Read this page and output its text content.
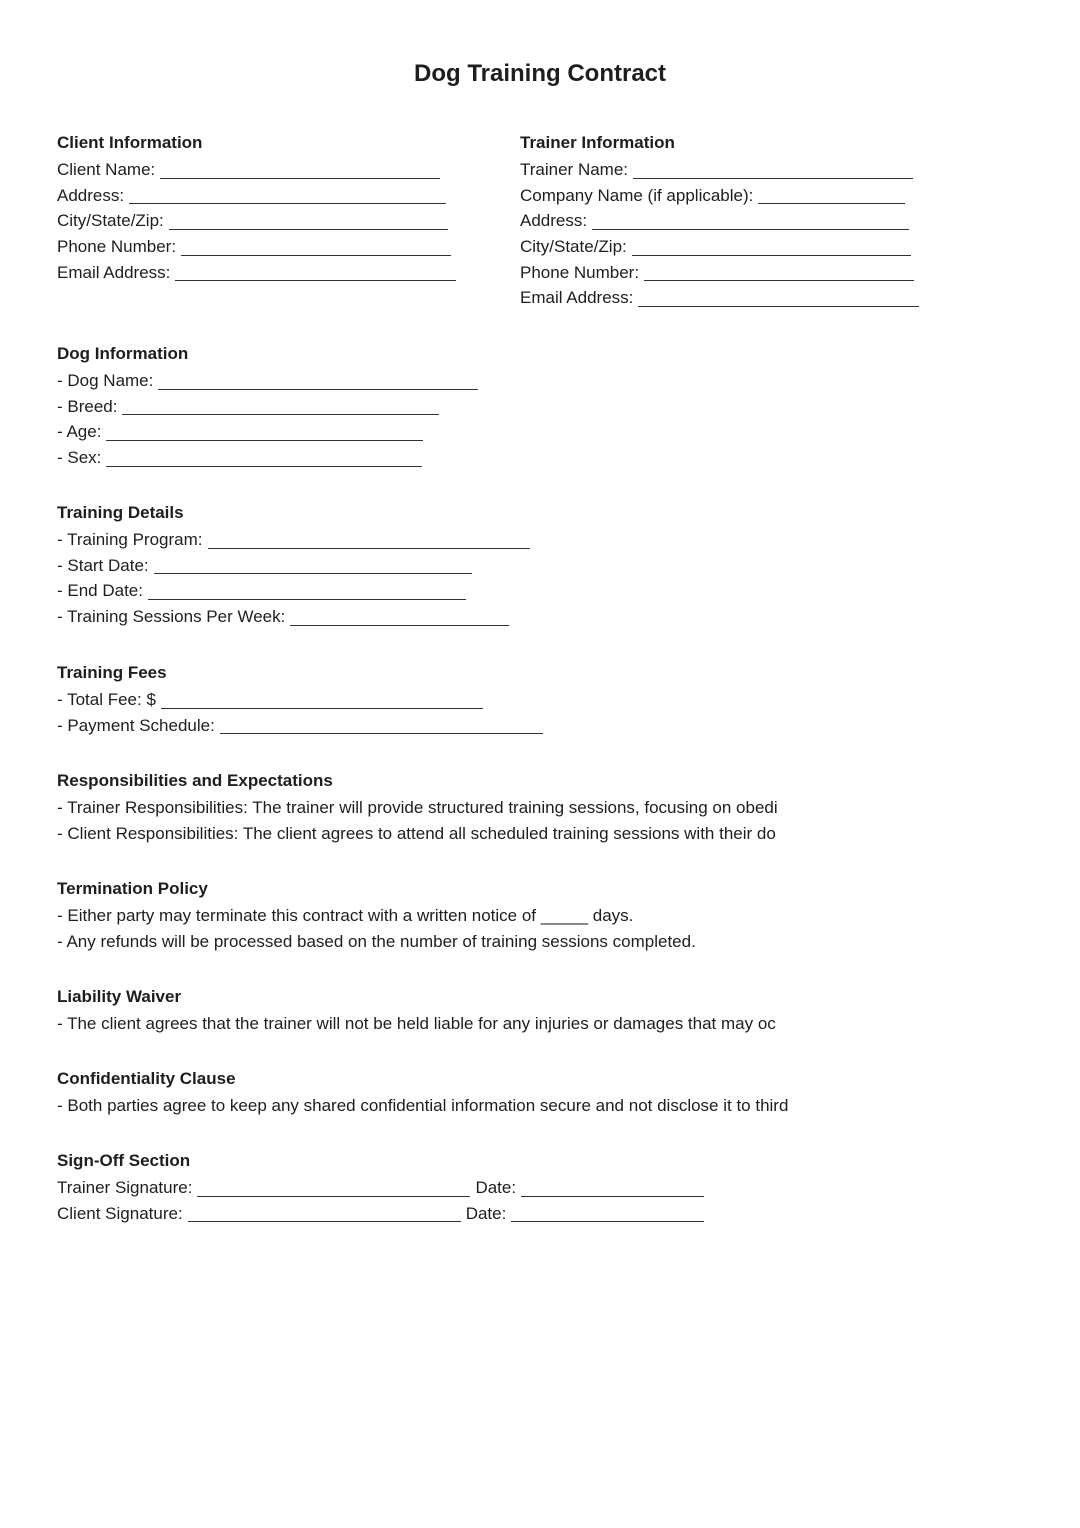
Dog Training Contract
Client Information
Client Name:
Address:
City/State/Zip:
Phone Number:
Email Address:
Trainer Information
Trainer Name:
Company Name (if applicable):
Address:
City/State/Zip:
Phone Number:
Email Address:
Dog Information
- Dog Name:
- Breed:
- Age:
- Sex:
Training Details
- Training Program:
- Start Date:
- End Date:
- Training Sessions Per Week:
Training Fees
- Total Fee: $
- Payment Schedule:
Responsibilities and Expectations
- Trainer Responsibilities: The trainer will provide structured training sessions, focusing on obedi
- Client Responsibilities: The client agrees to attend all scheduled training sessions with their do
Termination Policy
- Either party may terminate this contract with a written notice of _____ days.
- Any refunds will be processed based on the number of training sessions completed.
Liability Waiver
- The client agrees that the trainer will not be held liable for any injuries or damages that may oc
Confidentiality Clause
- Both parties agree to keep any shared confidential information secure and not disclose it to third
Sign-Off Section
Trainer Signature:	Date:
Client Signature:	Date:
